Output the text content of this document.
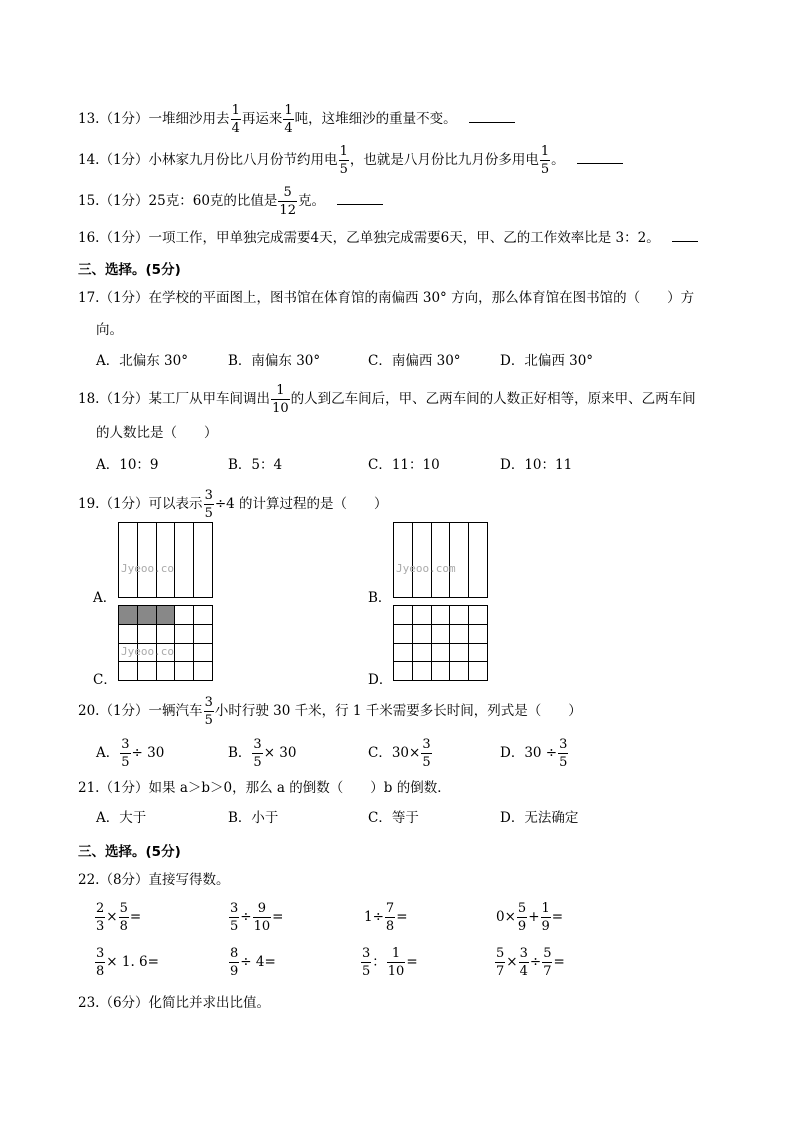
13.（1分）一堆细沙用去 $\frac{1}{4}$ 再运来 $\frac{1}{4}$ 吨，这堆细沙的重量不变。
14.（1分）小林家九月份比八月份节约用电 $\frac{1}{5}$ ，也就是八月份比九月份多用电 $\frac{1}{5}$ 。
15.（1分）25克：60克的比值是 $\frac{5}{12}$ 克。
16.（1分）一项工作，甲单独完成需要4天，乙单独完成需要6天，甲、乙的工作效率比是 3：2。
三、选择。(5分)
17.（1分）在学校的平面图上，图书馆在体育馆的南偏西 30° 方向，那么体育馆在图书馆的（　　）方
向。
A．北偏东 30°	B．南偏东 30°	C．南偏西 30°	D．北偏西 30°
18.（1分）某工厂从甲车间调出 $\frac{1}{10}$ 的人到乙车间后，甲、乙两车间的人数正好相等，原来甲、乙两车间
的人数比是（　　）
A．10：9	B．5：4	C．11：10	D．10：11
19.（1分）可以表示 $\frac{3}{5} \div 4$ 的计算过程的是（　　）

Jyeoo.co
A．

Jyeoo.com
B．

Jyeoo.co
C．

					D．
20.（1分）一辆汽车 $\frac{3}{5}$ 小时行驶 30 千米，行 1 千米需要多长时间，列式是（　　）
A． $\frac{3}{5} \div 30$	B． $\frac{3}{5} \times 30$	C．$30\times \frac{3}{5}$	D．$30 \div \frac{3}{5}$
21.（1分）如果 a＞b＞0，那么 a 的倒数（　　）b 的倒数．
A．大于	B．小于	C．等于	D．无法确定
三、选择。(5分)
22.（8分）直接写得数。
$\frac{2}{3} \times \frac{5}{8}$ =	$\frac{3}{5} \div \frac{9}{10}$ =	$1\div \frac{7}{8}$ =	$0\times \frac{5}{9} + \frac{1}{9}$ =
$\frac{3}{8} \times 1$. 6=	$\frac{8}{9} \div 4=$	$\frac{3}{5}$ ： $\frac{1}{10}$ =	$\frac{5}{7} \times \frac{3}{4} \div \frac{5}{7}$ =
23.（6分）化简比并求出比值。
